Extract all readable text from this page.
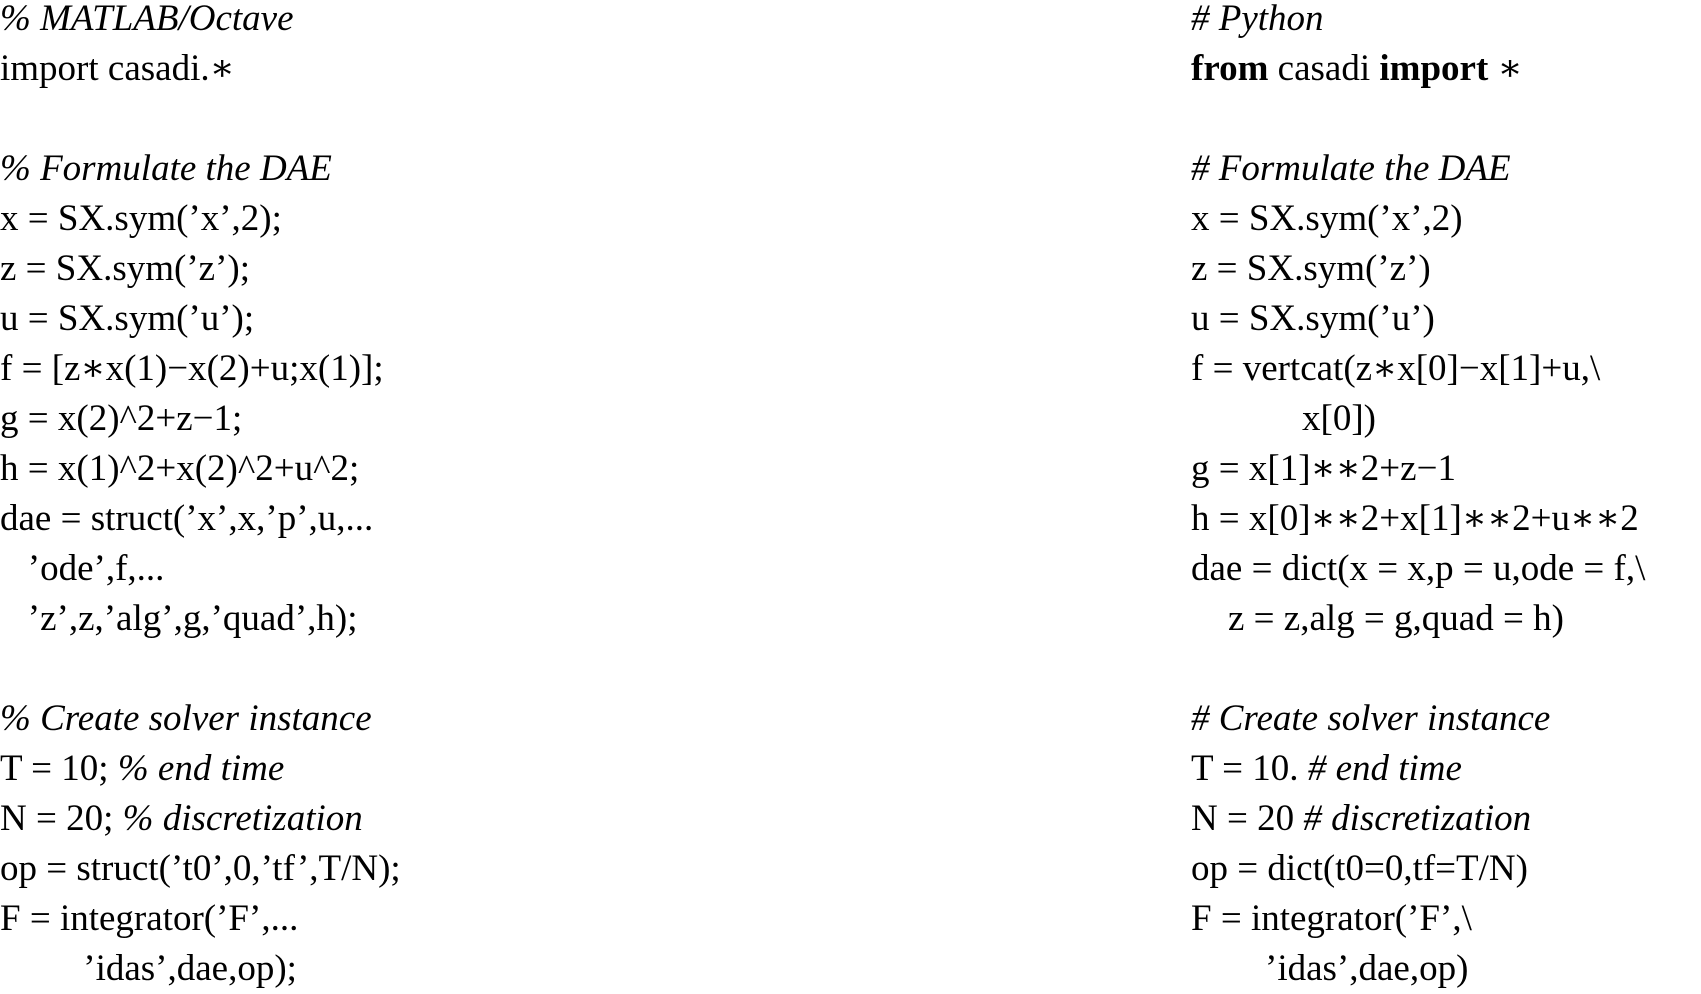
% MATLAB/Octave
import casadi.∗
% Formulate the DAE
x = SX.sym(’x’,2);
z = SX.sym(’z’);
u = SX.sym(’u’);
f = [z∗x(1)−x(2)+u;x(1)];
g = x(2)^2+z−1;
h = x(1)^2+x(2)^2+u^2;
dae = struct(’x’,x,’p’,u,...
’ode’,f,...
’z’,z,’alg’,g,’quad’,h);
% Create solver instance
T = 10; % end time
N = 20; % discretization
op = struct(’t0’,0,’tf’,T/N);
F = integrator(’F’,...
’idas’,dae,op);
# Python
from casadi import ∗
# Formulate the DAE
x = SX.sym(’x’,2)
z = SX.sym(’z’)
u = SX.sym(’u’)
f = vertcat(z∗x[0]−x[1]+u,\
x[0])
g = x[1]∗∗2+z−1
h = x[0]∗∗2+x[1]∗∗2+u∗∗2
dae = dict(x = x,p = u,ode = f,\
z = z,alg = g,quad = h)
# Create solver instance
T = 10. # end time
N = 20 # discretization
op = dict(t0=0,tf=T/N)
F = integrator(’F’,\
’idas’,dae,op)
